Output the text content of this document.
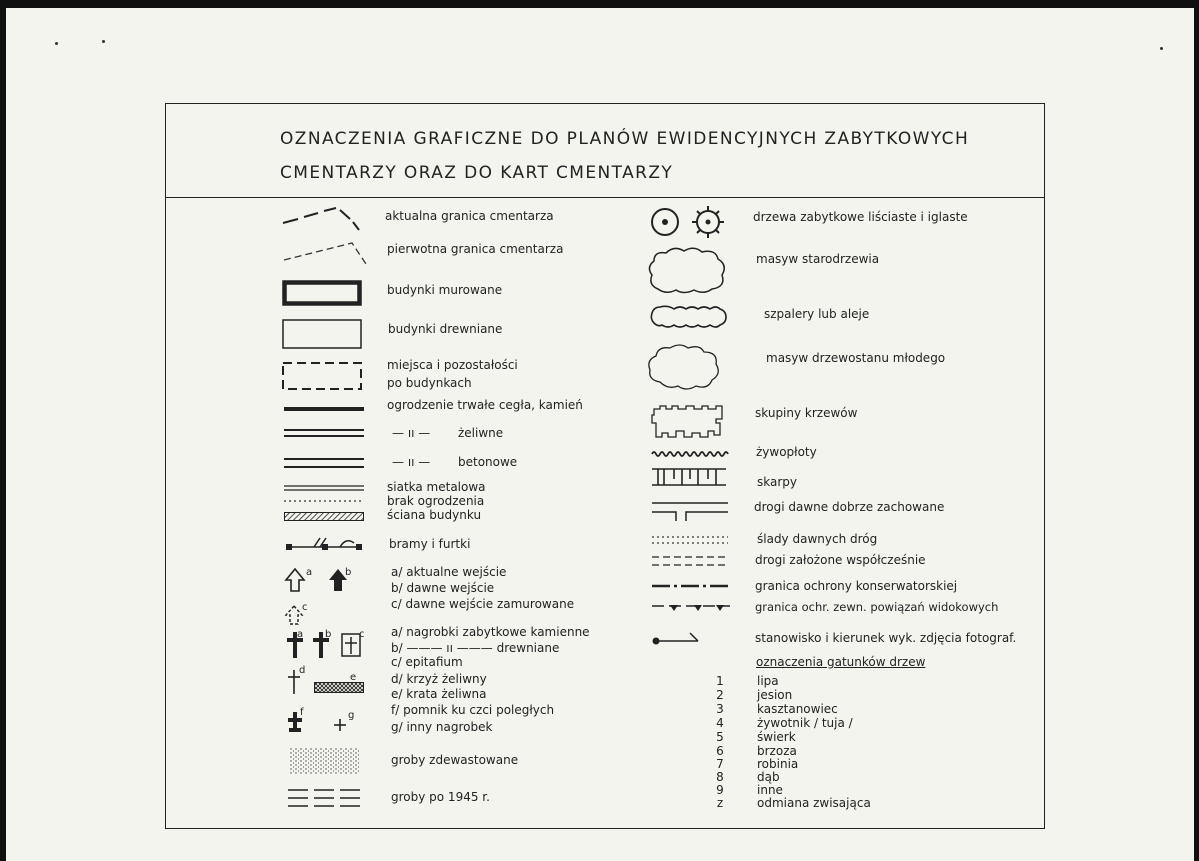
OZNACZENIA GRAFICZNE DO PLANÓW EWIDENCYJNYCH ZABYTKOWYCH
CMENTARZY ORAZ DO KART CMENTARZY
a	b
c
a b	c
d
e
f	g
aktualna granica cmentarza
pierwotna granica cmentarza
budynki murowane
budynki drewniane
miejsca i pozostałości
po budynkach
ogrodzenie trwałe cegła, kamień
— ıı — żeliwne
— ıı — betonowe
siatka metalowa
brak ogrodzenia
ściana budynku
bramy i furtki
a/ aktualne wejście
b/ dawne wejście
c/ dawne wejście zamurowane
a/ nagrobki zabytkowe kamienne
b/ ——— ıı ——— drewniane
c/ epitafium
d/ krzyż żeliwny
e/ krata żeliwna
f/ pomnik ku czci poległych
g/ inny nagrobek
groby zdewastowane
groby po 1945 r.
drzewa zabytkowe liściaste i iglaste
masyw starodrzewia
szpalery lub aleje
masyw drzewostanu młodego
skupiny krzewów
żywopłoty
skarpy
drogi dawne dobrze zachowane
ślady dawnych dróg
drogi założone współcześnie
granica ochrony konserwatorskiej
granica ochr. zewn. powiązań widokowych
stanowisko i kierunek wyk. zdjęcia fotograf.
oznaczenia gatunków drzew
1	lipa
2	jesion
3	kasztanowiec
4	żywotnik / tuja /
5	świerk
6	brzoza
7	robinia
8	dąb
9	inne
z	odmiana zwisająca
